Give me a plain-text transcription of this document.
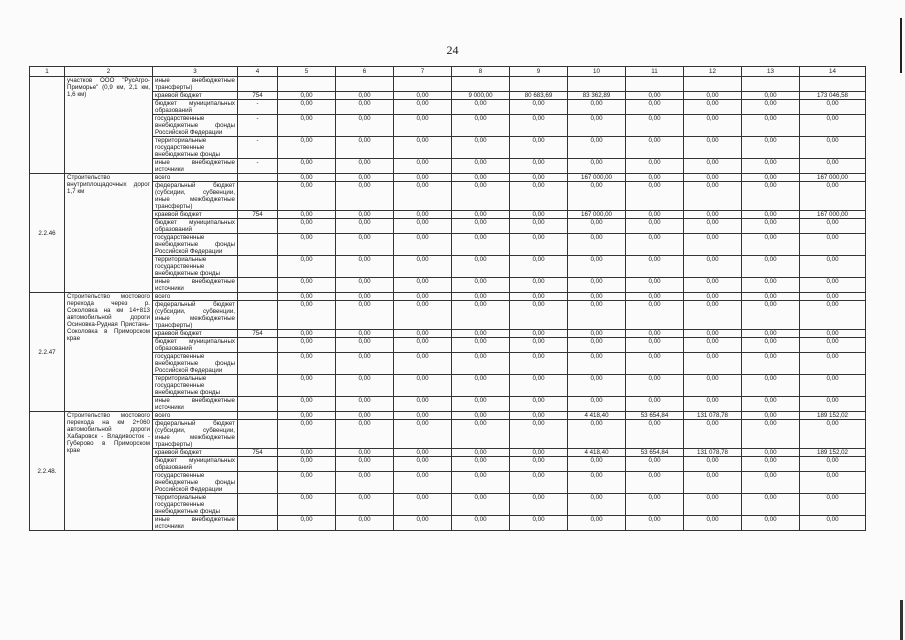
24
1	2	3	4	5	6	7	8	9	10	11	12	13	14
	участков ООО "РусАгро-Приморье" (0,9 км, 2,1 км, 1,6 км)	иные внебюджетные трансферты)											
		краевой бюджет	754	0,00	0,00	0,00	9 000,00	80 683,69	83 362,89	0,00	0,00	0,00	173 046,58
		бюджет муниципальных образований	-	0,00	0,00	0,00	0,00	0,00	0,00	0,00	0,00	0,00	0,00
		государственные внебюджетные фонды Российской Федерации	-	0,00	0,00	0,00	0,00	0,00	0,00	0,00	0,00	0,00	0,00
		территориальные государственные внебюджетные фонды	-	0,00	0,00	0,00	0,00	0,00	0,00	0,00	0,00	0,00	0,00
		иные внебюджетные источники	-	0,00	0,00	0,00	0,00	0,00	0,00	0,00	0,00	0,00	0,00
2.2.46	Строительство внутриплощадочных дорог 1,7 км	всего		0,00	0,00	0,00	0,00	0,00	167 000,00	0,00	0,00	0,00	167 000,00
		федеральный бюджет (субсидии, субвенции, иные межбюджетные трансферты)		0,00	0,00	0,00	0,00	0,00	0,00	0,00	0,00	0,00	0,00
		краевой бюджет	754	0,00	0,00	0,00	0,00	0,00	167 000,00	0,00	0,00	0,00	167 000,00
		бюджет муниципальных образований		0,00	0,00	0,00	0,00	0,00	0,00	0,00	0,00	0,00	0,00
		государственные внебюджетные фонды Российской Федерации		0,00	0,00	0,00	0,00	0,00	0,00	0,00	0,00	0,00	0,00
		территориальные государственные внебюджетные фонды		0,00	0,00	0,00	0,00	0,00	0,00	0,00	0,00	0,00	0,00
		иные внебюджетные источники		0,00	0,00	0,00	0,00	0,00	0,00	0,00	0,00	0,00	0,00
2.2.47	Строительство мостового перехода через р. Соколовка на км 14+813 автомобильной дороги Осиновка-Рудная Пристань-Соколовка в Приморском крае	всего		0,00	0,00	0,00	0,00	0,00	0,00	0,00	0,00	0,00	0,00
		федеральный бюджет (субсидии, субвенции, иные межбюджетные трансферты)		0,00	0,00	0,00	0,00	0,00	0,00	0,00	0,00	0,00	0,00
		краевой бюджет	754	0,00	0,00	0,00	0,00	0,00	0,00	0,00	0,00	0,00	0,00
		бюджет муниципальных образований		0,00	0,00	0,00	0,00	0,00	0,00	0,00	0,00	0,00	0,00
		государственные внебюджетные фонды Российской Федерации		0,00	0,00	0,00	0,00	0,00	0,00	0,00	0,00	0,00	0,00
		территориальные государственные внебюджетные фонды		0,00	0,00	0,00	0,00	0,00	0,00	0,00	0,00	0,00	0,00
		иные внебюджетные источники		0,00	0,00	0,00	0,00	0,00	0,00	0,00	0,00	0,00	0,00
2.2.48.	Строительство мостового перехода на км 2+060 автомобильной дороги Хабаровск - Владивосток - Губерово в Приморском крае	всего		0,00	0,00	0,00	0,00	0,00	4 418,40	53 654,84	131 078,78	0,00	189 152,02
		федеральный бюджет (субсидии, субвенции, иные межбюджетные трансферты)		0,00	0,00	0,00	0,00	0,00	0,00	0,00	0,00	0,00	0,00
		краевой бюджет	754	0,00	0,00	0,00	0,00	0,00	4 418,40	53 654,84	131 078,78	0,00	189 152,02
		бюджет муниципальных образований		0,00	0,00	0,00	0,00	0,00	0,00	0,00	0,00	0,00	0,00
		государственные внебюджетные фонды Российской Федерации		0,00	0,00	0,00	0,00	0,00	0,00	0,00	0,00	0,00	0,00
		территориальные государственные внебюджетные фонды		0,00	0,00	0,00	0,00	0,00	0,00	0,00	0,00	0,00	0,00
		иные внебюджетные источники		0,00	0,00	0,00	0,00	0,00	0,00	0,00	0,00	0,00	0,00
